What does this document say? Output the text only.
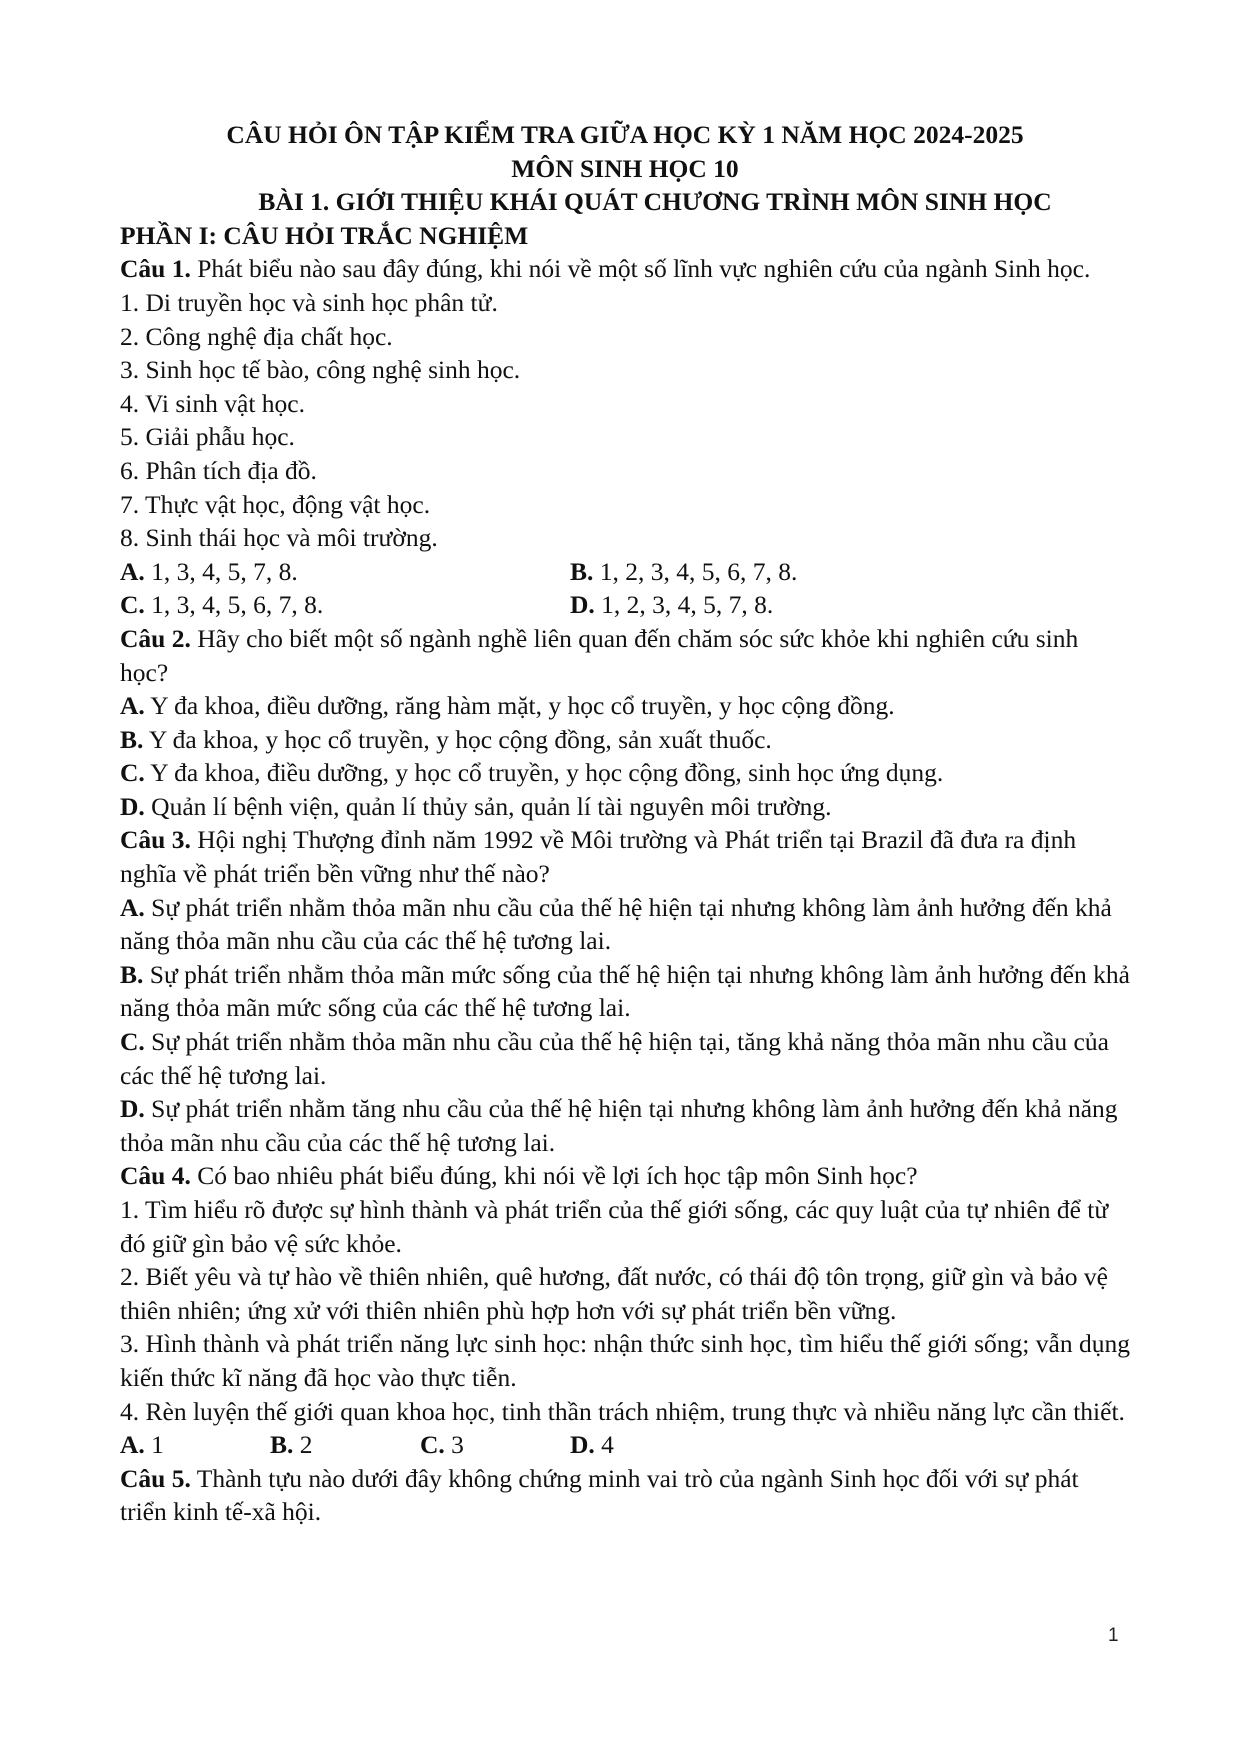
CÂU HỎI ÔN TẬP KIỂM TRA GIỮA HỌC KỲ 1 NĂM HỌC 2024-2025

MÔN SINH HỌC 10

BÀI 1. GIỚI THIỆU KHÁI QUÁT CHƯƠNG TRÌNH MÔN SINH HỌC

PHẦN I: CÂU HỎI TRẮC NGHIỆM

Câu 1. Phát biểu nào sau đây đúng, khi nói về một số lĩnh vực nghiên cứu của ngành Sinh học.

1. Di truyền học và sinh học phân tử.

2. Công nghệ địa chất học.

3. Sinh học tế bào, công nghệ sinh học.

4. Vi sinh vật học.

5. Giải phẫu học.

6. Phân tích địa đồ.

7. Thực vật học, động vật học.

8. Sinh thái học và môi trường.

A. 1, 3, 4, 5, 7, 8.	B. 1, 2, 3, 4, 5, 6, 7, 8.
C. 1, 3, 4, 5, 6, 7, 8.	D. 1, 2, 3, 4, 5, 7, 8.

Câu 2. Hãy cho biết một số ngành nghề liên quan đến chăm sóc sức khỏe khi nghiên cứu sinh học?

A. Y đa khoa, điều dưỡng, răng hàm mặt, y học cổ truyền, y học cộng đồng.

B. Y đa khoa, y học cổ truyền, y học cộng đồng, sản xuất thuốc.

C. Y đa khoa, điều dưỡng, y học cổ truyền, y học cộng đồng, sinh học ứng dụng.

D. Quản lí bệnh viện, quản lí thủy sản, quản lí tài nguyên môi trường.

Câu 3. Hội nghị Thượng đỉnh năm 1992 về Môi trường và Phát triển tại Brazil đã đưa ra định nghĩa về phát triển bền vững như thế nào?

A. Sự phát triển nhằm thỏa mãn nhu cầu của thế hệ hiện tại nhưng không làm ảnh hưởng đến khả năng thỏa mãn nhu cầu của các thế hệ tương lai.

B. Sự phát triển nhằm thỏa mãn mức sống của thế hệ hiện tại nhưng không làm ảnh hưởng đến khả năng thỏa mãn mức sống của các thế hệ tương lai.

C. Sự phát triển nhằm thỏa mãn nhu cầu của thế hệ hiện tại, tăng khả năng thỏa mãn nhu cầu của các thế hệ tương lai.

D. Sự phát triển nhằm tăng nhu cầu của thế hệ hiện tại nhưng không làm ảnh hưởng đến khả năng thỏa mãn nhu cầu của các thế hệ tương lai.

Câu 4. Có bao nhiêu phát biểu đúng, khi nói về lợi ích học tập môn Sinh học?

1. Tìm hiểu rõ được sự hình thành và phát triển của thế giới sống, các quy luật của tự nhiên để từ đó giữ gìn bảo vệ sức khỏe.

2. Biết yêu và tự hào về thiên nhiên, quê hương, đất nước, có thái độ tôn trọng, giữ gìn và bảo vệ thiên nhiên; ứng xử với thiên nhiên phù hợp hơn với sự phát triển bền vững.

3. Hình thành và phát triển năng lực sinh học: nhận thức sinh học, tìm hiểu thế giới sống; vẫn dụng kiến thức kĩ năng đã học vào thực tiễn.

4. Rèn luyện thế giới quan khoa học, tinh thần trách nhiệm, trung thực và nhiều năng lực cần thiết.

A. 1	B. 2	C. 3	D. 4

Câu 5. Thành tựu nào dưới đây không chứng minh vai trò của ngành Sinh học đối với sự phát triển kinh tế-xã hội.

1
